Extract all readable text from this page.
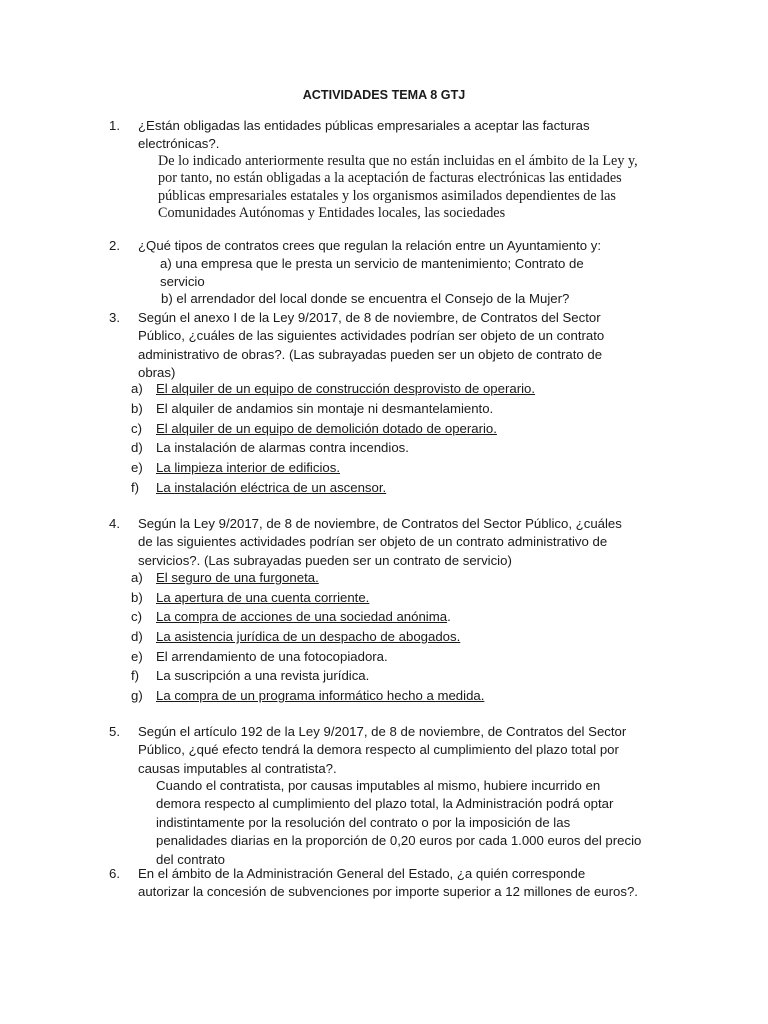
ACTIVIDADES TEMA 8 GTJ
1. ¿Están obligadas las entidades públicas empresariales a aceptar las facturas electrónicas?.
De lo indicado anteriormente resulta que no están incluidas en el ámbito de la Ley y, por tanto, no están obligadas a la aceptación de facturas electrónicas las entidades públicas empresariales estatales y los organismos asimilados dependientes de las Comunidades Autónomas y Entidades locales, las sociedades
2. ¿Qué tipos de contratos crees que regulan la relación entre un Ayuntamiento y:
a) una empresa que le presta un servicio de mantenimiento; Contrato de servicio
b) el arrendador del local donde se encuentra el Consejo de la Mujer?
3. Según el anexo I de la Ley 9/2017, de 8 de noviembre, de Contratos del Sector Público, ¿cuáles de las siguientes actividades podrían ser objeto de un contrato administrativo de obras?. (Las subrayadas pueden ser un objeto de contrato de obras)
a) El alquiler de un equipo de construcción desprovisto de operario.
b) El alquiler de andamios sin montaje ni desmantelamiento.
c) El alquiler de un equipo de demolición dotado de operario.
d) La instalación de alarmas contra incendios.
e) La limpieza interior de edificios.
f) La instalación eléctrica de un ascensor.
4. Según la Ley 9/2017, de 8 de noviembre, de Contratos del Sector Público, ¿cuáles de las siguientes actividades podrían ser objeto de un contrato administrativo de servicios?. (Las subrayadas pueden ser un contrato de servicio)
a) El seguro de una furgoneta.
b) La apertura de una cuenta corriente.
c) La compra de acciones de una sociedad anónima.
d) La asistencia jurídica de un despacho de abogados.
e) El arrendamiento de una fotocopiadora.
f) La suscripción a una revista jurídica.
g) La compra de un programa informático hecho a medida.
5. Según el artículo 192 de la Ley 9/2017, de 8 de noviembre, de Contratos del Sector Público, ¿qué efecto tendrá la demora respecto al cumplimiento del plazo total por causas imputables al contratista?.
Cuando el contratista, por causas imputables al mismo, hubiere incurrido en demora respecto al cumplimiento del plazo total, la Administración podrá optar indistintamente por la resolución del contrato o por la imposición de las penalidades diarias en la proporción de 0,20 euros por cada 1.000 euros del precio del contrato
6. En el ámbito de la Administración General del Estado, ¿a quién corresponde autorizar la concesión de subvenciones por importe superior a 12 millones de euros?.
